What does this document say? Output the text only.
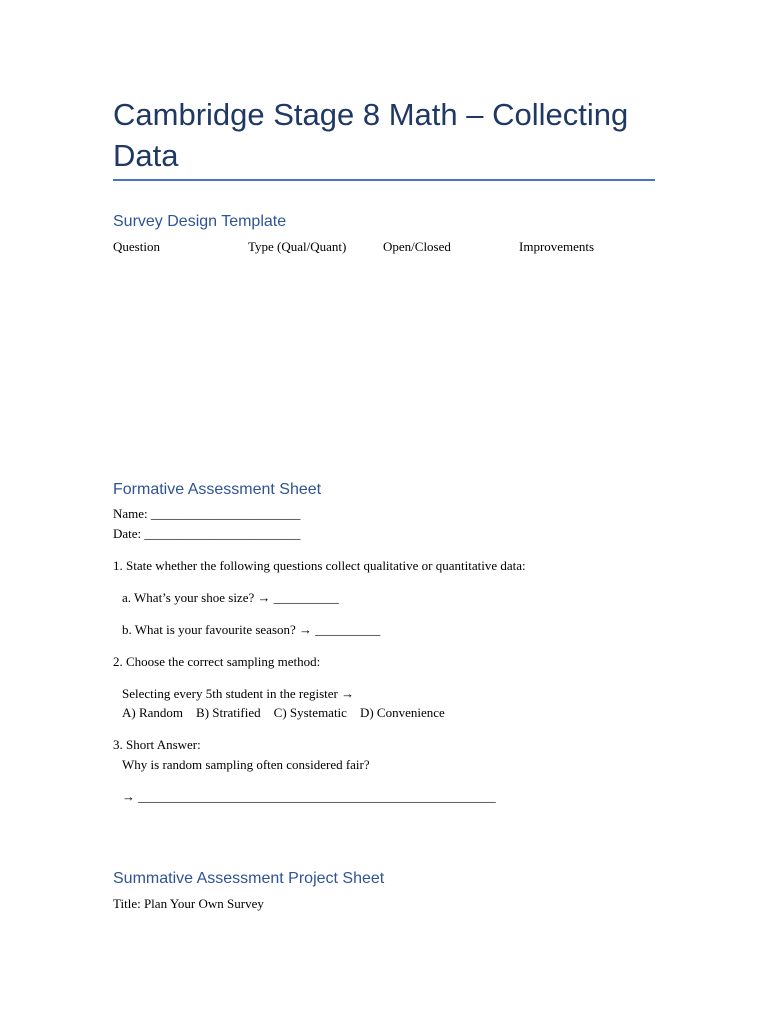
Cambridge Stage 8 Math – Collecting Data
Survey Design Template
Question	Type (Qual/Quant)	Open/Closed	Improvements
Formative Assessment Sheet
Name: _______________________
Date: ________________________
1. State whether the following questions collect qualitative or quantitative data:
a. What’s your shoe size? → __________
b. What is your favourite season? → __________
2. Choose the correct sampling method:
Selecting every 5th student in the register →
A) Random    B) Stratified    C) Systematic    D) Convenience
3. Short Answer:
Why is random sampling often considered fair?
→ _______________________________________________________
Summative Assessment Project Sheet
Title: Plan Your Own Survey
